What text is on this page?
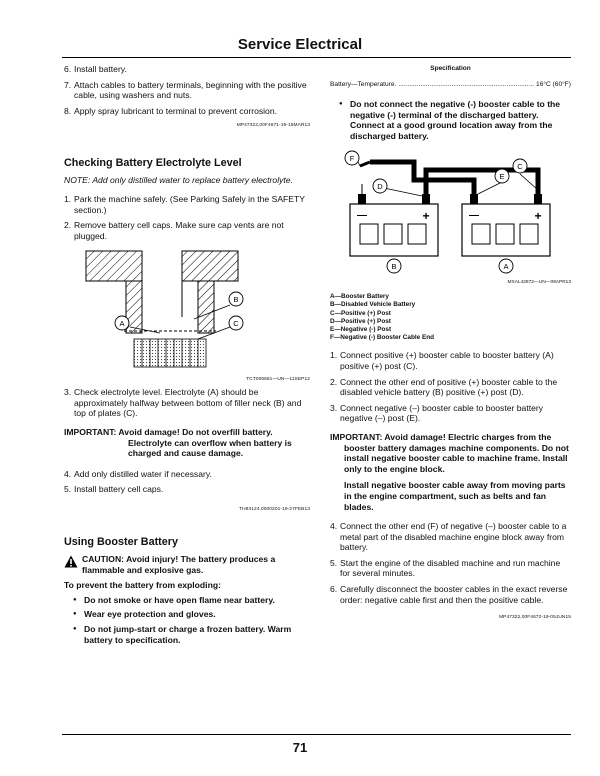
Service Electrical
6. Install battery.
7. Attach cables to battery terminals, beginning with the positive cable, using washers and nuts.
8. Apply spray lubricant to terminal to prevent corrosion.
MP47322,00F4671-19-15MAR13
Checking Battery Electrolyte Level
NOTE: Add only distilled water to replace battery electrolyte.
1. Park the machine safely. (See Parking Safely in the SAFETY section.)
2. Remove battery cell caps. Make sure cap vents are not plugged.
A
B
C
TCT005681—UN—11SEP12
3. Check electrolyte level. Electrolyte (A) should be approximately halfway between bottom of filler neck (B) and top of plates (C).
IMPORTANT: Avoid damage! Do not overfill battery. Electrolyte can overflow when battery is charged and cause damage.
4. Add only distilled water if necessary.
5. Install battery cell caps.
TH84124,0000201-19-27FEB13
Using Booster Battery
CAUTION: Avoid injury! The battery produces a flammable and explosive gas.
To prevent the battery from exploding:
● Do not smoke or have open flame near battery.
● Wear eye protection and gloves.
● Do not jump-start or charge a frozen battery. Warm battery to specification.
Specification
Battery—Temperature.
.....	16°C (60°F)
● Do not connect the negative (-) booster cable to the negative (-) terminal of the discharged battery. Connect at a good ground location away from the discharged battery.
—	+	—	+
F
D
E
C
B	A
MXAL42872—UN—09APR13
A—Booster Battery
B—Disabled Vehicle Battery
C—Positive (+) Post
D—Positive (+) Post
E—Negative (-) Post
F—Negative (-) Booster Cable End
1. Connect positive (+) booster cable to booster battery (A) positive (+) post (C).
2. Connect the other end of positive (+) booster cable to the disabled vehicle battery (B) positive (+) post (D).
3. Connect negative (–) booster cable to booster battery negative (–) post (E).
IMPORTANT: Avoid damage! Electric charges from the booster battery damages machine components. Do not install negative booster cable to machine frame. Install only to the engine block.
Install negative booster cable away from moving parts in the engine compartment, such as belts and fan blades.
4. Connect the other end (F) of negative (–) booster cable to a metal part of the disabled machine engine block away from battery.
5. Start the engine of the disabled machine and run machine for several minutes.
6. Carefully disconnect the booster cables in the exact reverse order: negative cable first and then the positive cable.
MP47322,00F4672-19-05JUN15
71
